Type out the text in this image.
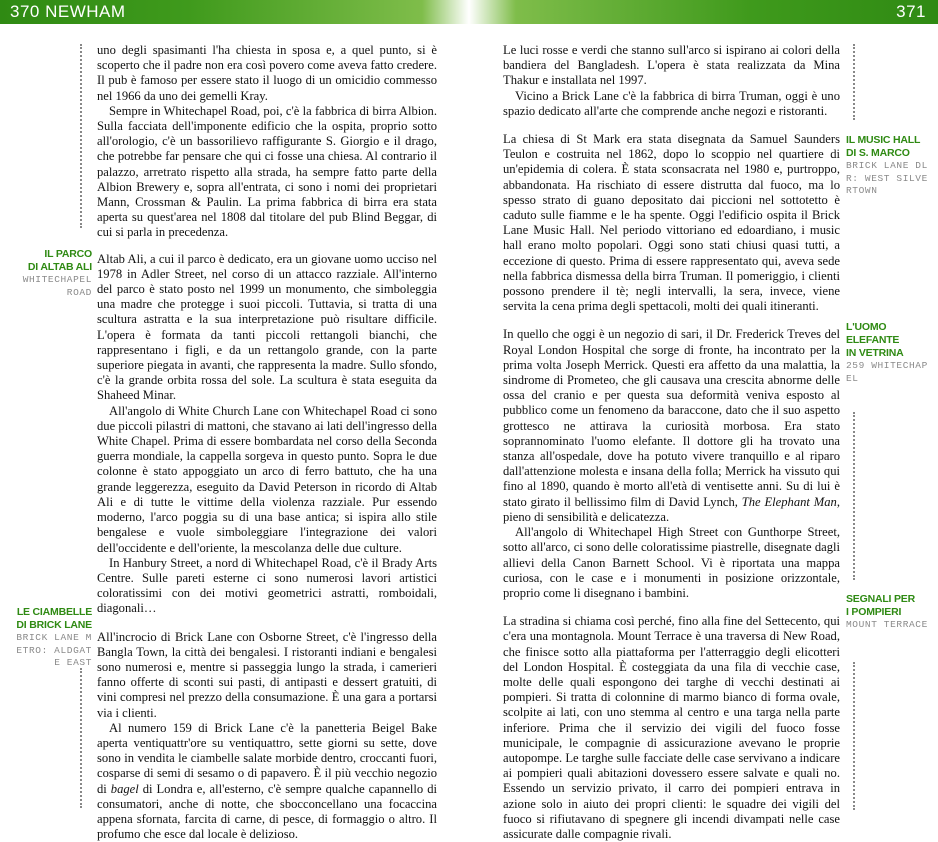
370 NEWHAM	371
IL PARCO
DI ALTAB ALI
WHITECHAPEL ROAD
LE CIAMBELLE
DI BRICK LANE
BRICK LANE METRO: ALDGATE EAST

uno degli spasimanti l'ha chiesta in sposa e, a quel punto, si è scoperto che il padre non era così povero come aveva fatto credere. Il pub è famoso per essere stato il luogo di un omicidio commesso nel 1966 da uno dei gemelli Kray.

Sempre in Whitechapel Road, poi, c'è la fabbrica di birra Albion. Sulla facciata dell'imponente edificio che la ospita, proprio sotto all'orologio, c'è un bassorilievo raffigurante S. Giorgio e il drago, che potrebbe far pensare che qui ci fosse una chiesa. Al contrario il palazzo, arretrato rispetto alla strada, ha sempre fatto parte della Albion Brewery e, sopra all'entrata, ci sono i nomi dei proprietari Mann, Crossman & Paulin. La prima fabbrica di birra era stata aperta su quest'area nel 1808 dal titolare del pub Blind Beggar, di cui si parla in precedenza.

Altab Ali, a cui il parco è dedicato, era un giovane uomo ucciso nel 1978 in Adler Street, nel corso di un attacco razziale. All'interno del parco è stato posto nel 1999 un monumento, che simboleggia una madre che protegge i suoi piccoli. Tuttavia, si tratta di una scultura astratta e la sua interpretazione può risultare difficile. L'opera è formata da tanti piccoli rettangoli bianchi, che rappresentano i figli, e da un rettangolo grande, con la parte superiore piegata in avanti, che rappresenta la madre. Sullo sfondo, c'è la grande orbita rossa del sole. La scultura è stata eseguita da Shaheed Minar.

All'angolo di White Church Lane con Whitechapel Road ci sono due piccoli pilastri di mattoni, che stavano ai lati dell'ingresso della White Chapel. Prima di essere bombardata nel corso della Seconda guerra mondiale, la cappella sorgeva in questo punto. Sopra le due colonne è stato appoggiato un arco di ferro battuto, che ha una grande leggerezza, eseguito da David Peterson in ricordo di Altab Ali e di tutte le vittime della violenza razziale. Pur essendo moderno, l'arco poggia su di una base antica; si ispira allo stile bengalese e vuole simboleggiare l'integrazione dei valori dell'occidente e dell'oriente, la mescolanza delle due culture.

In Hanbury Street, a nord di Whitechapel Road, c'è il Brady Arts Centre. Sulle pareti esterne ci sono numerosi lavori artistici coloratissimi con dei motivi geometrici astratti, romboidali, diagonali…

All'incrocio di Brick Lane con Osborne Street, c'è l'ingresso della Bangla Town, la città dei bengalesi. I ristoranti indiani e bengalesi sono numerosi e, mentre si passeggia lungo la strada, i camerieri fanno offerte di sconti sui pasti, di antipasti e dessert gratuiti, di vini compresi nel prezzo della consumazione. È una gara a portarsi via i clienti.

Al numero 159 di Brick Lane c'è la panetteria Beigel Bake aperta ventiquattr'ore su ventiquattro, sette giorni su sette, dove sono in vendita le ciambelle salate morbide dentro, croccanti fuori, cosparse di semi di sesamo o di papavero. È il più vecchio negozio di bagel di Londra e, all'esterno, c'è sempre qualche capannello di consumatori, anche di notte, che sbocconcellano una focaccina appena sfornata, farcita di carne, di pesce, di formaggio o altro. Il profumo che esce dal locale è delizioso.

Le luci rosse e verdi che stanno sull'arco si ispirano ai colori della bandiera del Bangladesh. L'opera è stata realizzata da Mina Thakur e installata nel 1997.

Vicino a Brick Lane c'è la fabbrica di birra Truman, oggi è uno spazio dedicato all'arte che comprende anche negozi e ristoranti.

La chiesa di St Mark era stata disegnata da Samuel Saunders Teulon e costruita nel 1862, dopo lo scoppio nel quartiere di un'epidemia di colera. È stata sconsacrata nel 1980 e, purtroppo, abbandonata. Ha rischiato di essere distrutta dal fuoco, ma lo spesso strato di guano depositato dai piccioni nel sottotetto è caduto sulle fiamme e le ha spente. Oggi l'edificio ospita il Brick Lane Music Hall. Nel periodo vittoriano ed edoardiano, i music hall erano molto popolari. Oggi sono stati chiusi quasi tutti, a eccezione di questo. Prima di essere rappresentato qui, aveva sede nella fabbrica dismessa della birra Truman. Il pomeriggio, i clienti possono prendere il tè; negli intervalli, la sera, invece, viene servita la cena prima degli spettacoli, molti dei quali itineranti.

In quello che oggi è un negozio di sari, il Dr. Frederick Treves del Royal London Hospital che sorge di fronte, ha incontrato per la prima volta Joseph Merrick. Questi era affetto da una malattia, la sindrome di Prometeo, che gli causava una crescita abnorme delle ossa del cranio e per questa sua deformità veniva esposto al pubblico come un fenomeno da baraccone, dato che il suo aspetto grottesco ne attirava la curiosità morbosa. Era stato soprannominato l'uomo elefante. Il dottore gli ha trovato una stanza all'ospedale, dove ha potuto vivere tranquillo e al riparo dall'attenzione molesta e insana della folla; Merrick ha vissuto qui fino al 1890, quando è morto all'età di ventisette anni. Su di lui è stato girato il bellissimo film di David Lynch, The Elephant Man, pieno di sensibilità e delicatezza.

All'angolo di Whitechapel High Street con Gunthorpe Street, sotto all'arco, ci sono delle coloratissime piastrelle, disegnate dagli allievi della Canon Barnett School. Vi è riportata una mappa curiosa, con le case e i monumenti in posizione orizzontale, proprio come li disegnano i bambini.

La stradina si chiama così perché, fino alla fine del Settecento, qui c'era una montagnola. Mount Terrace è una traversa di New Road, che finisce sotto alla piattaforma per l'atterraggio degli elicotteri del London Hospital. È costeggiata da una fila di vecchie case, molte delle quali espongono dei targhe di vecchi destinati ai pompieri. Si tratta di colonnine di marmo bianco di forma ovale, scolpite ai lati, con uno stemma al centro e una targa nella parte inferiore. Prima che il servizio dei vigili del fuoco fosse municipale, le compagnie di assicurazione avevano le proprie autopompe. Le targhe sulle facciate delle case servivano a indicare ai pompieri quali abitazioni dovessero essere salvate e quali no. Essendo un servizio privato, il carro dei pompieri entrava in azione solo in aiuto dei propri clienti: le squadre dei vigili del fuoco si rifiutavano di spegnere gli incendi divampati nelle case assicurate dalle compagnie rivali.

IL MUSIC HALL
DI S. MARCO
BRICK LANE DLR: WEST SILVERTOWN
L'UOMO
ELEFANTE
IN VETRINA
259 WHITECHAPEL
SEGNALI PER
I POMPIERI
MOUNT TERRACE
